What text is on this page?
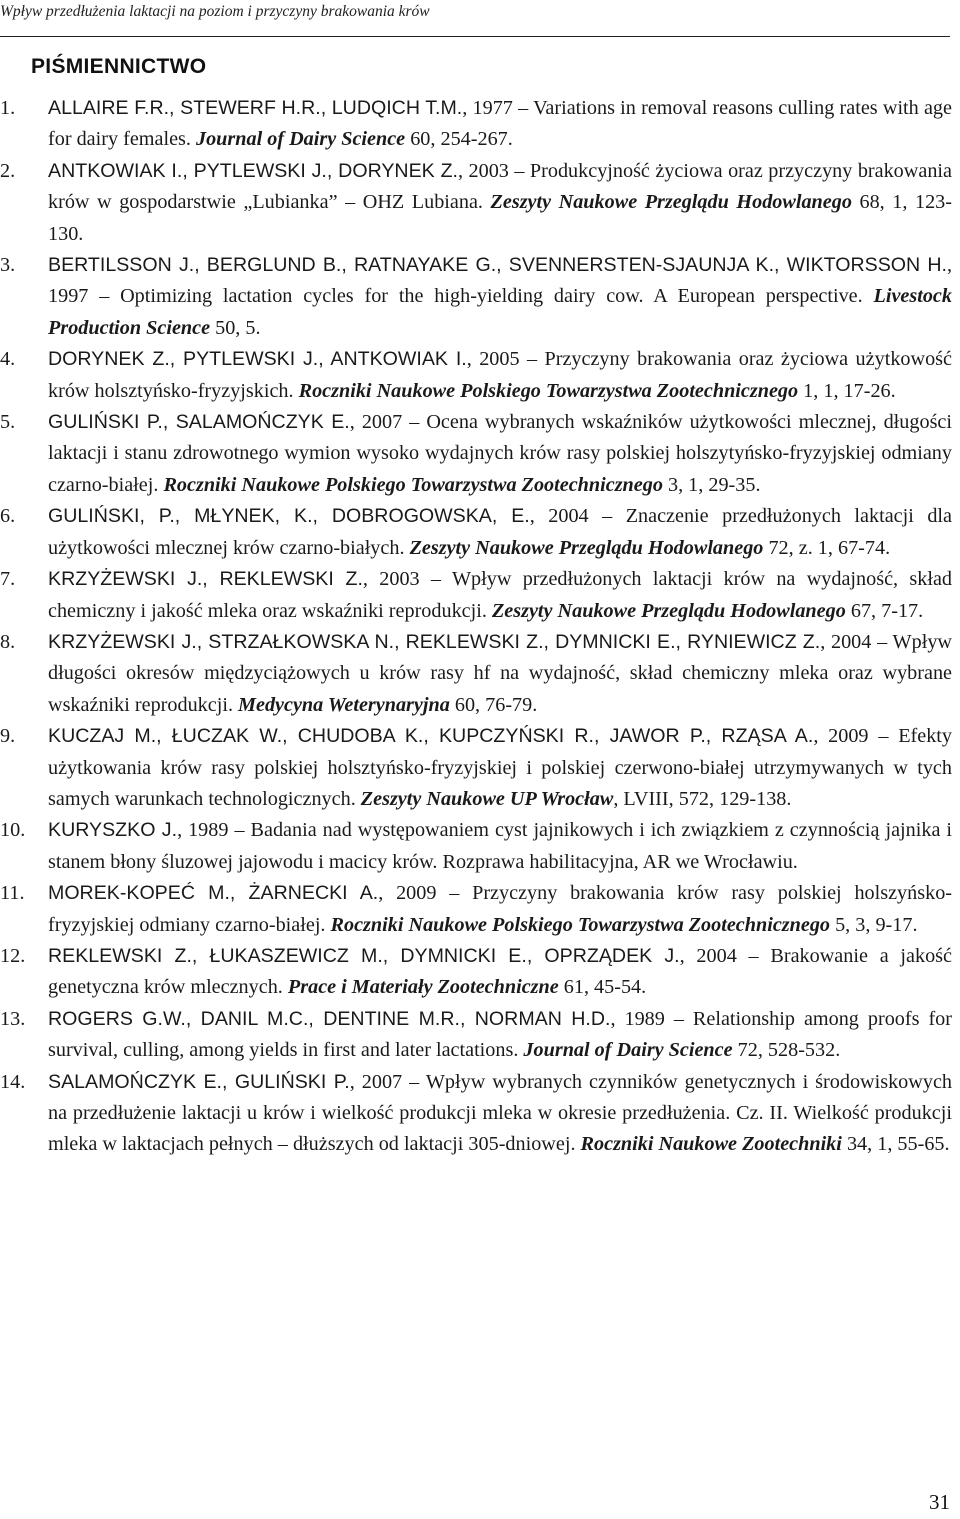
Wpływ przedłużenia laktacji na poziom i przyczyny brakowania krów
PIŚMIENNICTWO
1. ALLAIRE F.R., STEWERF H.R., LUDQICH T.M., 1977 – Variations in removal reasons culling rates with age for dairy females. Journal of Dairy Science 60, 254-267.
2. ANTKOWIAK I., PYTLEWSKI J., DORYNEK Z., 2003 – Produkcyjność życiowa oraz przyczyny brakowania krów w gospodarstwie „Lubianka” – OHZ Lubiana. Zeszyty Naukowe Przeglądu Hodowlanego 68, 1, 123-130.
3. BERTILSSON J., BERGLUND B., RATNAYAKE G., SVENNERSTEN-SJAUNJA K., WIKTORSSON H., 1997 – Optimizing lactation cycles for the high-yielding dairy cow. A European perspective. Livestock Production Science 50, 5.
4. DORYNEK Z., PYTLEWSKI J., ANTKOWIAK I., 2005 – Przyczyny brakowania oraz życiowa użytkowość krów holsztyńsko-fryzyjskich. Roczniki Naukowe Polskiego Towarzystwa Zootechnicznego 1, 1, 17-26.
5. GULIŃSKI P., SALAMOŃCZYK E., 2007 – Ocena wybranych wskaźników użytkowości mlecznej, długości laktacji i stanu zdrowotnego wymion wysoko wydajnych krów rasy polskiej holszytyńsko-fryzyjskiej odmiany czarno-białej. Roczniki Naukowe Polskiego Towarzystwa Zootechnicznego 3, 1, 29-35.
6. GULIŃSKI, P., MŁYNEK, K., DOBROGOWSKA, E., 2004 – Znaczenie przedłużonych laktacji dla użytkowości mlecznej krów czarno-białych. Zeszyty Naukowe Przeglądu Hodowlanego 72, z. 1, 67-74.
7. KRZYŻEWSKI J., REKLEWSKI Z., 2003 – Wpływ przedłużonych laktacji krów na wydajność, skład chemiczny i jakość mleka oraz wskaźniki reprodukcji. Zeszyty Naukowe Przeglądu Hodowlanego 67, 7-17.
8. KRZYŻEWSKI J., STRZAŁKOWSKA N., REKLEWSKI Z., DYMNICKI E., RYNIEWICZ Z., 2004 – Wpływ długości okresów międzyciążowych u krów rasy hf na wydajność, skład chemiczny mleka oraz wybrane wskaźniki reprodukcji. Medycyna Weterynaryjna 60, 76-79.
9. KUCZAJ M., ŁUCZAK W., CHUDOBA K., KUPCZYŃSKI R., JAWOR P., RZĄSA A., 2009 – Efekty użytkowania krów rasy polskiej holsztyńsko-fryzyjskiej i polskiej czerwono-białej utrzymywanych w tych samych warunkach technologicznych. Zeszyty Naukowe UP Wrocław, LVIII, 572, 129-138.
10. KURYSZKO J., 1989 – Badania nad występowaniem cyst jajnikowych i ich związkiem z czynnością jajnika i stanem błony śluzowej jajowodu i macicy krów. Rozprawa habilitacyjna, AR we Wrocławiu.
11. MOREK-KOPEĆ M., ŻARNECKI A., 2009 – Przyczyny brakowania krów rasy polskiej holszyńsko-fryzyjskiej odmiany czarno-białej. Roczniki Naukowe Polskiego Towarzystwa Zootechnicznego 5, 3, 9-17.
12. REKLEWSKI Z., ŁUKASZEWICZ M., DYMNICKI E., OPRZĄDEK J., 2004 – Brakowanie a jakość genetyczna krów mlecznych. Prace i Materiały Zootechniczne 61, 45-54.
13. ROGERS G.W., DANIL M.C., DENTINE M.R., NORMAN H.D., 1989 – Relationship among proofs for survival, culling, among yields in first and later lactations. Journal of Dairy Science 72, 528-532.
14. SALAMOŃCZYK E., GULIŃSKI P., 2007 – Wpływ wybranych czynników genetycznych i środowiskowych na przedłużenie laktacji u krów i wielkość produkcji mleka w okresie przedłużenia. Cz. II. Wielkość produkcji mleka w laktacjach pełnych – dłuższych od laktacji 305-dniowej. Roczniki Naukowe Zootechniki 34, 1, 55-65.
31
